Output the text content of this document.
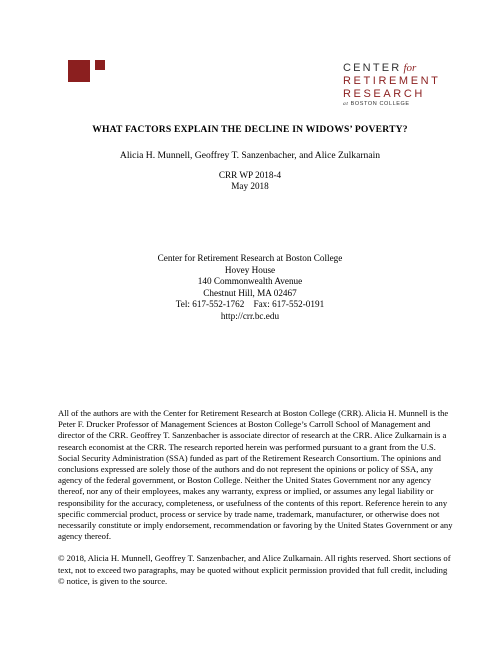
CENTER for
RETIREMENT
RESEARCH
at BOSTON COLLEGE
WHAT FACTORS EXPLAIN THE DECLINE IN WIDOWS’ POVERTY?
Alicia H. Munnell, Geoffrey T. Sanzenbacher, and Alice Zulkarnain
CRR WP 2018-4
May 2018
Center for Retirement Research at Boston College
Hovey House
140 Commonwealth Avenue
Chestnut Hill, MA 02467
Tel: 617-552-1762    Fax: 617-552-0191
http://crr.bc.edu

All of the authors are with the Center for Retirement Research at Boston College (CRR). Alicia H. Munnell is the Peter F. Drucker Professor of Management Sciences at Boston College’s Carroll School of Management and director of the CRR. Geoffrey T. Sanzenbacher is associate director of research at the CRR. Alice Zulkarnain is a research economist at the CRR. The research reported herein was performed pursuant to a grant from the U.S. Social Security Administration (SSA) funded as part of the Retirement Research Consortium. The opinions and conclusions expressed are solely those of the authors and do not represent the opinions or policy of SSA, any agency of the federal government, or Boston College. Neither the United States Government nor any agency thereof, nor any of their employees, makes any warranty, express or implied, or assumes any legal liability or responsibility for the accuracy, completeness, or usefulness of the contents of this report. Reference herein to any specific commercial product, process or service by trade name, trademark, manufacturer, or otherwise does not necessarily constitute or imply endorsement, recommendation or favoring by the United States Government or any agency thereof.

© 2018, Alicia H. Munnell, Geoffrey T. Sanzenbacher, and Alice Zulkarnain. All rights reserved. Short sections of text, not to exceed two paragraphs, may be quoted without explicit permission provided that full credit, including © notice, is given to the source.
